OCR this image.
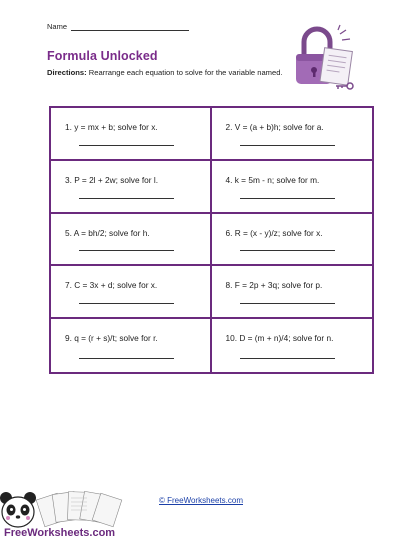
Name
Formula Unlocked
Directions: Rearrange each equation to solve for the variable named.
1. y = mx + b; solve for x.	2. V = (a + b)h; solve for a.
3. P = 2l + 2w; solve for l.	4. k = 5m - n; solve for m.
5. A = bh/2; solve for h.	6. R = (x - y)/z; solve for x.
7. C = 3x + d; solve for x.	8. F = 2p + 3q; solve for p.
9. q = (r + s)/t; solve for r.	10. D = (m + n)/4; solve for n.
FreeWorksheets.com
© FreeWorksheets.com
